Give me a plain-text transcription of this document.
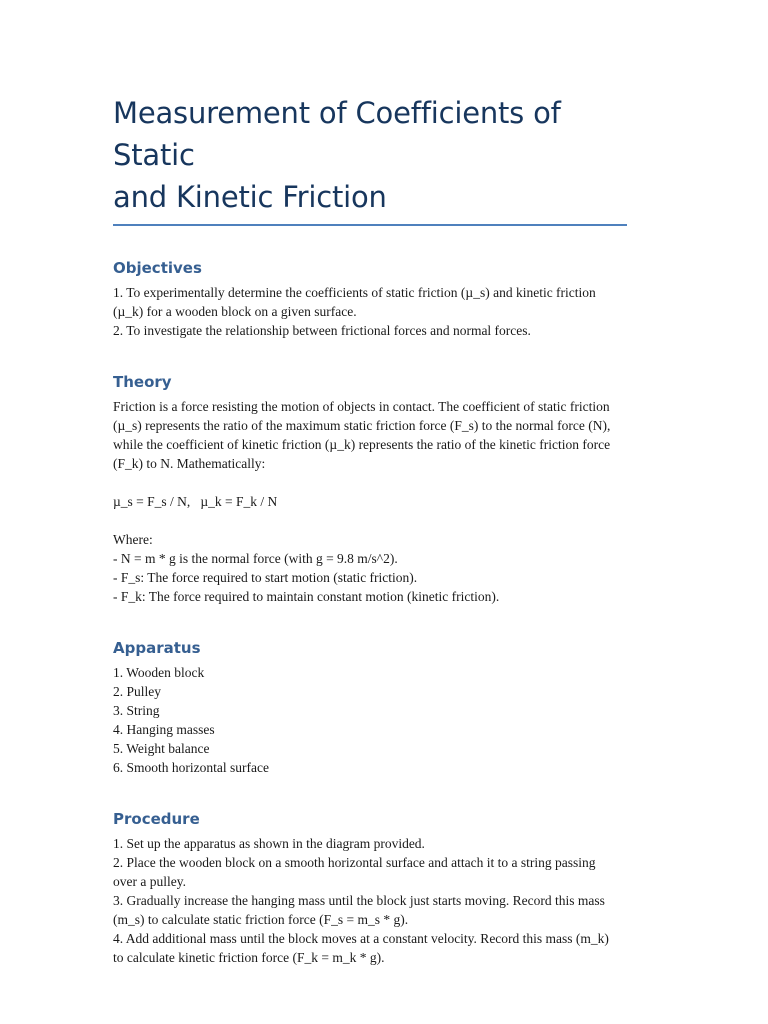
Measurement of Coefficients of Static
and Kinetic Friction
Objectives

1. To experimentally determine the coefficients of static friction (µ_s) and kinetic friction

(µ_k) for a wooden block on a given surface.

2. To investigate the relationship between frictional forces and normal forces.

Theory

Friction is a force resisting the motion of objects in contact. The coefficient of static friction

(µ_s) represents the ratio of the maximum static friction force (F_s) to the normal force (N),

while the coefficient of kinetic friction (µ_k) represents the ratio of the kinetic friction force

(F_k) to N. Mathematically:

µ_s = F_s / N,   µ_k = F_k / N

Where:

- N = m * g is the normal force (with g = 9.8 m/s^2).

- F_s: The force required to start motion (static friction).

- F_k: The force required to maintain constant motion (kinetic friction).

Apparatus
1. Wooden block
2. Pulley
3. String
4. Hanging masses
5. Weight balance
6. Smooth horizontal surface
Procedure

1. Set up the apparatus as shown in the diagram provided.

2. Place the wooden block on a smooth horizontal surface and attach it to a string passing

over a pulley.

3. Gradually increase the hanging mass until the block just starts moving. Record this mass

(m_s) to calculate static friction force (F_s = m_s * g).

4. Add additional mass until the block moves at a constant velocity. Record this mass (m_k)

to calculate kinetic friction force (F_k = m_k * g).
